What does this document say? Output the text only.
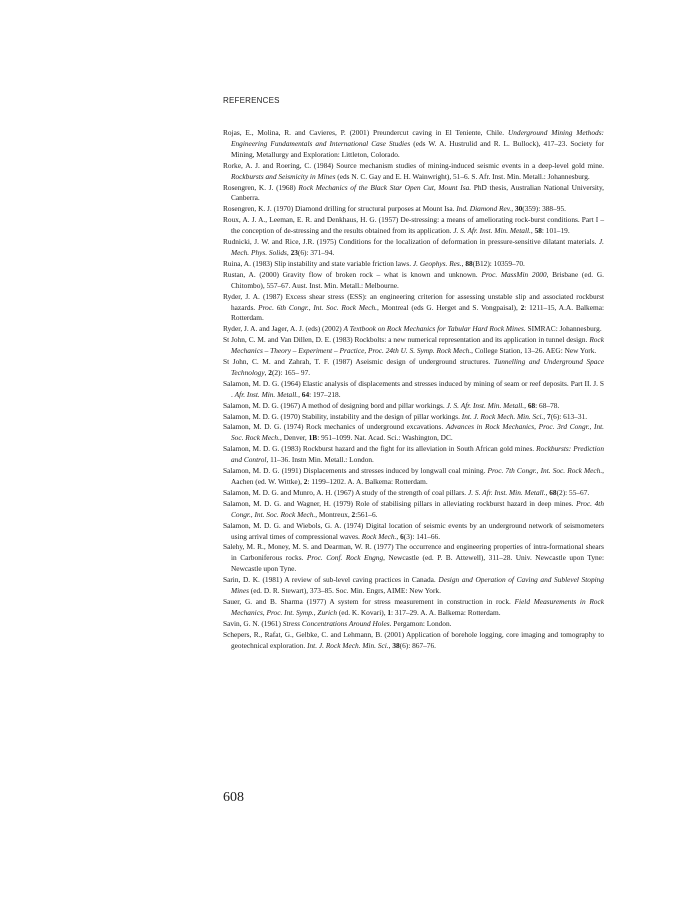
REFERENCES
Rojas, E., Molina, R. and Cavieres, P. (2001) Preundercut caving in El Teniente, Chile. Underground Mining Methods: Engineering Fundamentals and International Case Studies (eds W. A. Hustrulid and R. L. Bullock), 417–23. Society for Mining, Metallurgy and Exploration: Littleton, Colorado.
Rorke, A. J. and Roering, C. (1984) Source mechanism studies of mining-induced seismic events in a deep-level gold mine. Rockbursts and Seismicity in Mines (eds N. C. Gay and E. H. Wainwright), 51–6. S. Afr. Inst. Min. Metall.: Johannesburg.
Rosengren, K. J. (1968) Rock Mechanics of the Black Star Open Cut, Mount Isa. PhD thesis, Australian National University, Canberra.
Rosengren, K. J. (1970) Diamond drilling for structural purposes at Mount Isa. Ind. Diamond Rev., 30(359): 388–95.
Roux, A. J. A., Leeman, E. R. and Denkhaus, H. G. (1957) De-stressing: a means of ameliorating rock-burst conditions. Part I – the conception of de-stressing and the results obtained from its application. J. S. Afr. Inst. Min. Metall., 58: 101–19.
Rudnicki, J. W. and Rice, J.R. (1975) Conditions for the localization of deformation in pressure-sensitive dilatant materials. J. Mech. Phys. Solids, 23(6): 371–94.
Ruina, A. (1983) Slip instability and state variable friction laws. J. Geophys. Res., 88(B12): 10359–70.
Rustan, A. (2000) Gravity flow of broken rock – what is known and unknown. Proc. MassMin 2000, Brisbane (ed. G. Chitombo), 557–67. Aust. Inst. Min. Metall.: Melbourne.
Ryder, J. A. (1987) Excess shear stress (ESS): an engineering criterion for assessing unstable slip and associated rockburst hazards. Proc. 6th Congr., Int. Soc. Rock Mech., Montreal (eds G. Herget and S. Vongpaisal), 2: 1211–15, A.A. Balkema: Rotterdam.
Ryder, J. A. and Jager, A. J. (eds) (2002) A Textbook on Rock Mechanics for Tabular Hard Rock Mines. SIMRAC: Johannesburg.
St John, C. M. and Van Dillen, D. E. (1983) Rockbolts: a new numerical representation and its application in tunnel design. Rock Mechanics – Theory – Experiment – Practice, Proc. 24th U. S. Symp. Rock Mech., College Station, 13–26. AEG: New York.
St John, C. M. and Zahrah, T. F. (1987) Aseismic design of underground structures. Tunnelling and Underground Space Technology, 2(2): 165– 97.
Salamon, M. D. G. (1964) Elastic analysis of displacements and stresses induced by mining of seam or reef deposits. Part II. J. S . Afr. Inst. Min. Metall., 64: 197–218.
Salamon, M. D. G. (1967) A method of designing bord and pillar workings. J. S. Afr. Inst. Min. Metall., 68: 68–78.
Salamon, M. D. G. (1970) Stability, instability and the design of pillar workings. Int. J. Rock Mech. Min. Sci., 7(6): 613–31.
Salamon, M. D. G. (1974) Rock mechanics of underground excavations. Advances in Rock Mechanics, Proc. 3rd Congr., Int. Soc. Rock Mech., Denver, 1B: 951–1099. Nat. Acad. Sci.: Washington, DC.
Salamon, M. D. G. (1983) Rockburst hazard and the fight for its alleviation in South African gold mines. Rockbursts: Prediction and Control, 11–36. Instn Min. Metall.: London.
Salamon, M. D. G. (1991) Displacements and stresses induced by longwall coal mining. Proc. 7th Congr., Int. Soc. Rock Mech., Aachen (ed. W. Wittke), 2: 1199–1202. A. A. Balkema: Rotterdam.
Salamon, M. D. G. and Munro, A. H. (1967) A study of the strength of coal pillars. J. S. Afr. Inst. Min. Metall., 68(2): 55–67.
Salamon, M. D. G. and Wagner, H. (1979) Role of stabilising pillars in alleviating rockburst hazard in deep mines. Proc. 4th Congr., Int. Soc. Rock Mech., Montreux, 2:561–6.
Salamon, M. D. G. and Wiebols, G. A. (1974) Digital location of seismic events by an underground network of seismometers using arrival times of compressional waves. Rock Mech., 6(3): 141–66.
Salehy, M. R., Money, M. S. and Dearman, W. R. (1977) The occurrence and engineering properties of intra-formational shears in Carboniferous rocks. Proc. Conf. Rock Engng, Newcastle (ed. P. B. Attewell), 311–28. Univ. Newcastle upon Tyne: Newcastle upon Tyne.
Sarin, D. K. (1981) A review of sub-level caving practices in Canada. Design and Operation of Caving and Sublevel Stoping Mines (ed. D. R. Stewart), 373–85. Soc. Min. Engrs, AIME: New York.
Sauer, G. and B. Sharma (1977) A system for stress measurement in construction in rock. Field Measurements in Rock Mechanics, Proc. Int. Symp., Zurich (ed. K. Kovari), 1: 317–29. A. A. Balkema: Rotterdam.
Savin, G. N. (1961) Stress Concentrations Around Holes. Pergamon: London.
Schepers, R., Rafat, G., Gelbke, C. and Lehmann, B. (2001) Application of borehole logging, core imaging and tomography to geotechnical exploration. Int. J. Rock Mech. Min. Sci., 38(6): 867–76.
608
